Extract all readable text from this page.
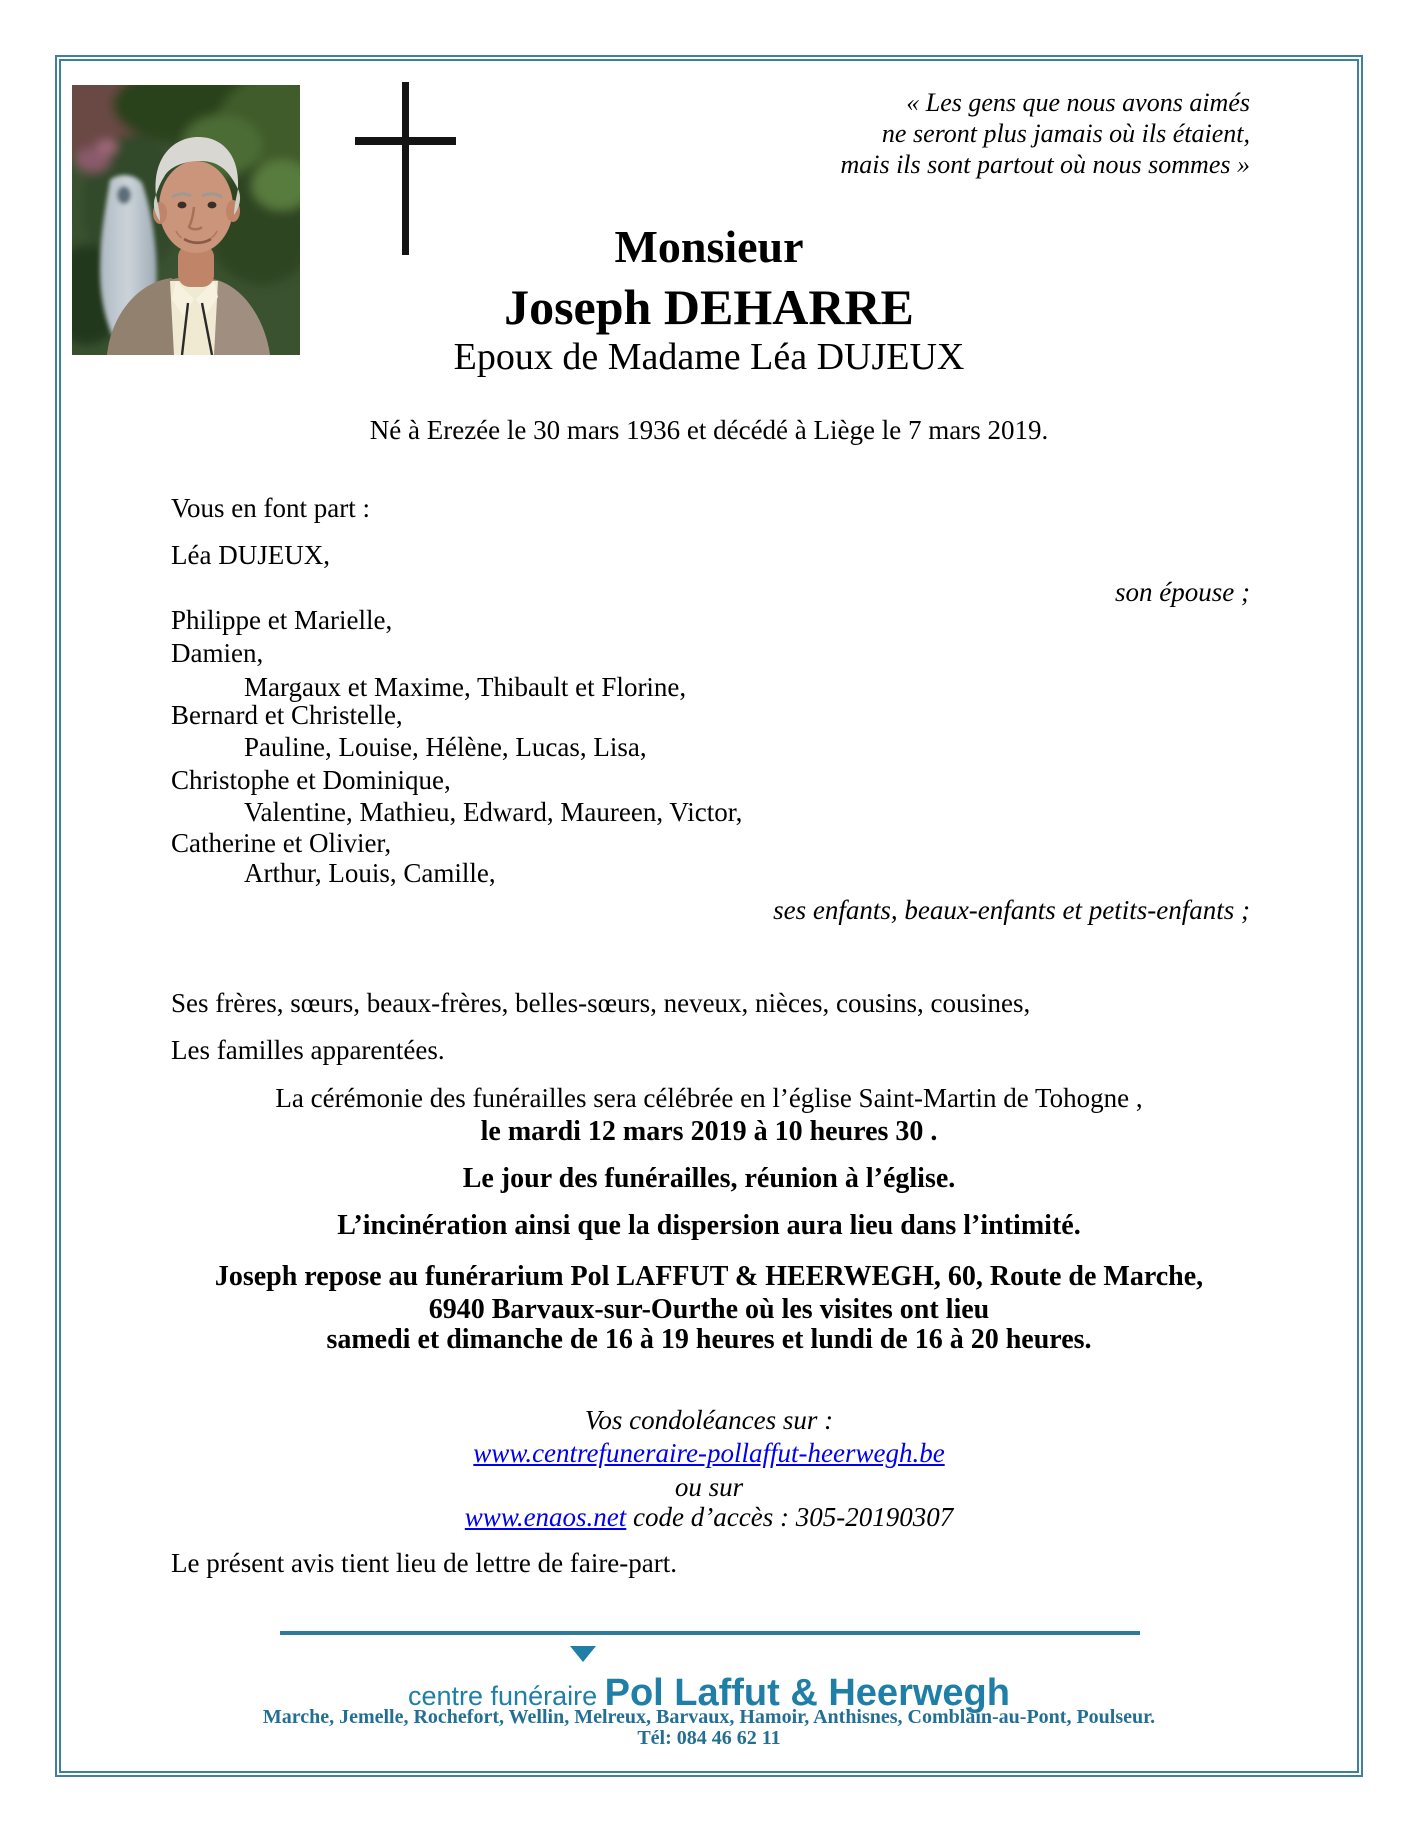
« Les gens que nous avons aimés
ne seront plus jamais où ils étaient,
mais ils sont partout où nous sommes »
Monsieur
Joseph DEHARRE
Epoux de Madame Léa DUJEUX
Né à Erezée le 30 mars 1936 et décédé à Liège le 7 mars 2019.
Vous en font part :
Léa DUJEUX,
son épouse ;
Philippe et Marielle,
Damien,
Margaux et Maxime, Thibault et Florine,
Bernard et Christelle,
Pauline, Louise, Hélène, Lucas, Lisa,
Christophe et Dominique,
Valentine, Mathieu, Edward, Maureen, Victor,
Catherine et Olivier,
Arthur, Louis, Camille,
ses enfants, beaux-enfants et petits-enfants ;
Ses frères, sœurs, beaux-frères, belles-sœurs, neveux, nièces, cousins, cousines,
Les familles apparentées.
La cérémonie des funérailles sera célébrée en l’église Saint-Martin de Tohogne ,
le mardi 12 mars 2019 à 10 heures 30 .
Le jour des funérailles, réunion à l’église.
L’incinération ainsi que la dispersion aura lieu dans l’intimité.
Joseph repose au funérarium Pol LAFFUT & HEERWEGH, 60, Route de Marche,
6940 Barvaux-sur-Ourthe où les visites ont lieu
samedi et dimanche de 16 à 19 heures et lundi de 16 à 20 heures.
Vos condoléances sur :
www.centrefuneraire-pollaffut-heerwegh.be
ou sur
www.enaos.net code d’accès : 305-20190307
Le présent avis tient lieu de lettre de faire-part.
centre funéraire Pol Laffut & Heerwegh
Marche, Jemelle, Rochefort, Wellin, Melreux, Barvaux, Hamoir, Anthisnes, Comblain-au-Pont, Poulseur.
Tél: 084 46 62 11
